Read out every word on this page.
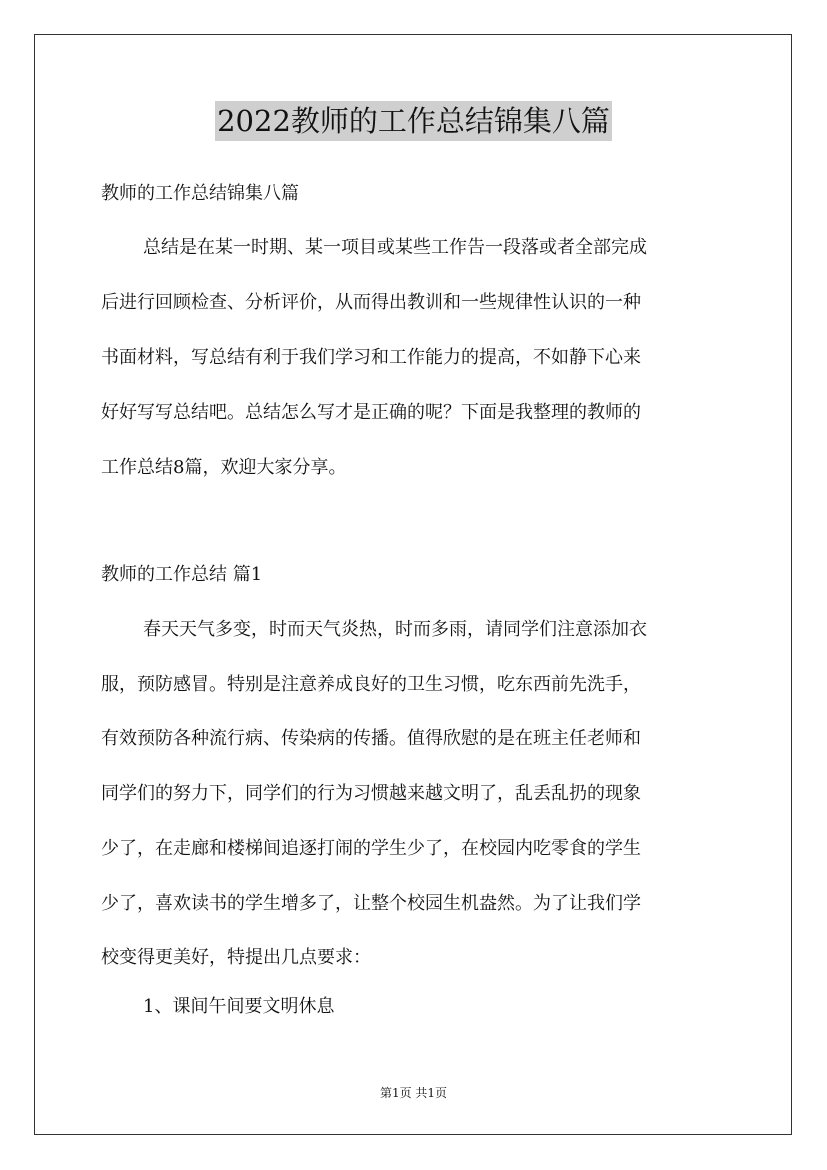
2022教师的工作总结锦集八篇
教师的工作总结锦集八篇
总结是在某一时期、某一项目或某些工作告一段落或者全部完成
后进行回顾检查、分析评价，从而得出教训和一些规律性认识的一种
书面材料，写总结有利于我们学习和工作能力的提高，不如静下心来
好好写写总结吧。总结怎么写才是正确的呢？下面是我整理的教师的
工作总结8篇，欢迎大家分享。
教师的工作总结 篇1
春天天气多变，时而天气炎热，时而多雨，请同学们注意添加衣
服，预防感冒。特别是注意养成良好的卫生习惯，吃东西前先洗手，
有效预防各种流行病、传染病的传播。值得欣慰的是在班主任老师和
同学们的努力下，同学们的行为习惯越来越文明了，乱丢乱扔的现象
少了，在走廊和楼梯间追逐打闹的学生少了，在校园内吃零食的学生
少了，喜欢读书的学生增多了，让整个校园生机盎然。为了让我们学
校变得更美好，特提出几点要求：
1、课间午间要文明休息
第1页 共1页
